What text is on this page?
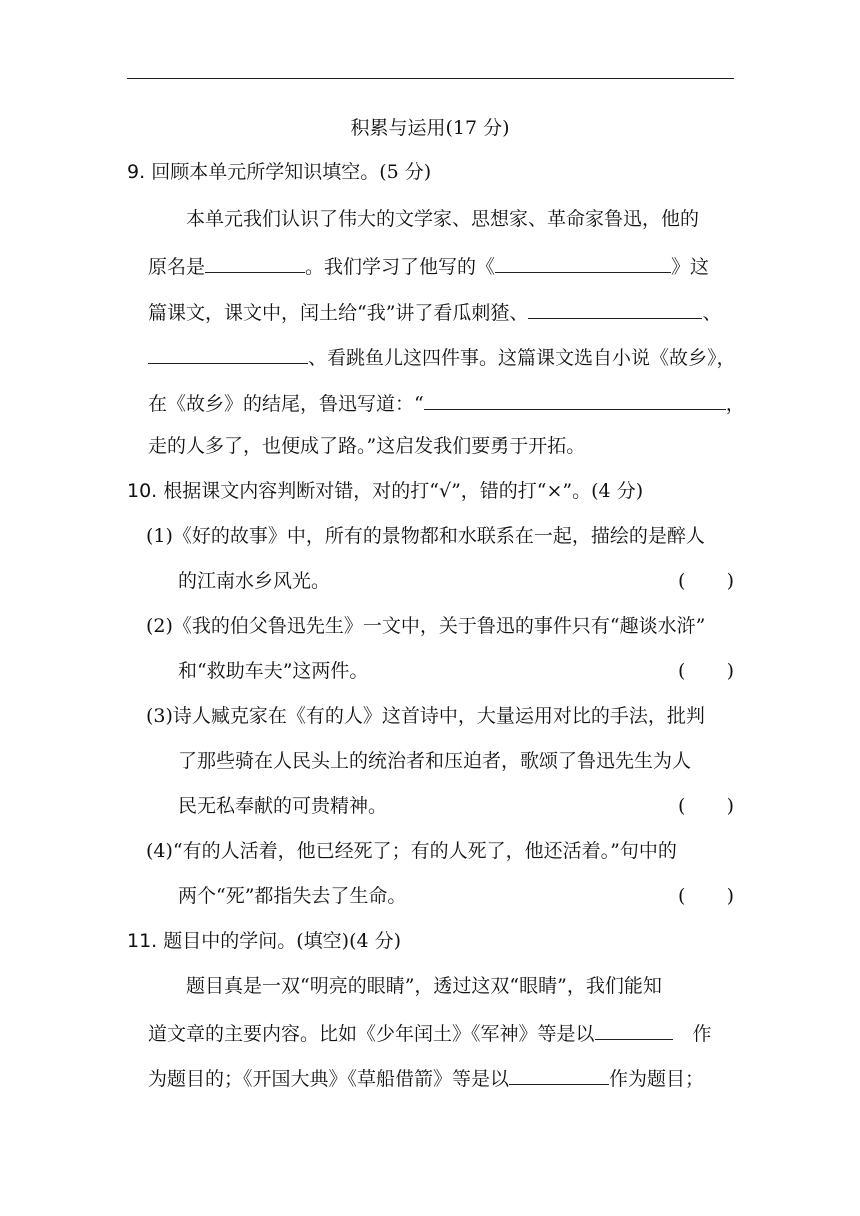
积累与运用(17 分)
9. 回顾本单元所学知识填空。(5 分)
本单元我们认识了伟大的文学家、思想家、革命家鲁迅，他的
原名是	。我们学习了他写的《	》这
篇课文，课文中，闰土给“我”讲了看瓜刺猹、	、
、看跳鱼儿这四件事。这篇课文选自小说《故乡》，
在《故乡》的结尾，鲁迅写道：“	，
走的人多了，也便成了路。”这启发我们要勇于开拓。
10. 根据课文内容判断对错，对的打“√”，错的打“×”。(4 分)
(1)《好的故事》中，所有的景物都和水联系在一起，描绘的是醉人
的江南水乡风光。	( )
(2)《我的伯父鲁迅先生》一文中，关于鲁迅的事件只有“趣谈水浒”
和“救助车夫”这两件。	( )
(3)诗人臧克家在《有的人》这首诗中，大量运用对比的手法，批判
了那些骑在人民头上的统治者和压迫者，歌颂了鲁迅先生为人
民无私奉献的可贵精神。	( )
(4)“有的人活着，他已经死了；有的人死了，他还活着。”句中的
两个“死”都指失去了生命。	( )
11. 题目中的学问。(填空)(4 分)
题目真是一双“明亮的眼睛”，透过这双“眼睛”，我们能知
道文章的主要内容。比如《少年闰土》《军神》等是以	作
为题目的；《开国大典》《草船借箭》等是以	作为题目；
